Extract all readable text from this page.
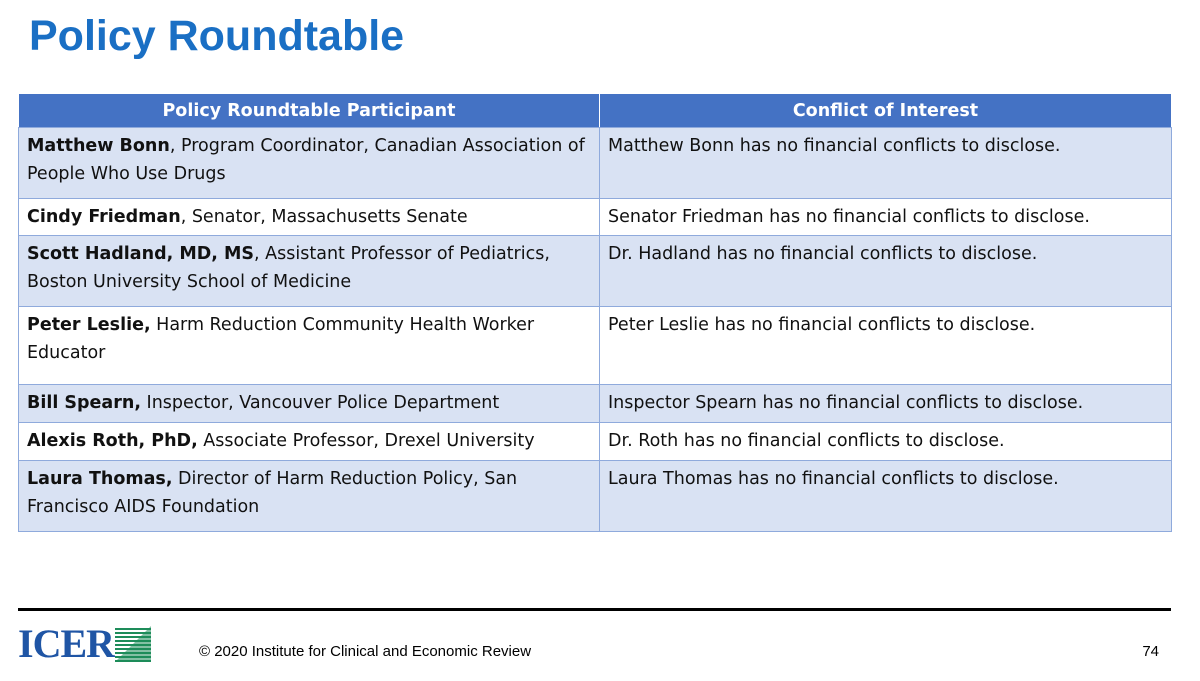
Policy Roundtable
Policy Roundtable Participant	Conflict of Interest
Matthew Bonn, Program Coordinator, Canadian Association of People Who Use Drugs	Matthew Bonn has no financial conflicts to disclose.
Cindy Friedman, Senator, Massachusetts Senate	Senator Friedman has no financial conflicts to disclose.
Scott Hadland, MD, MS, Assistant Professor of Pediatrics, Boston University School of Medicine	Dr. Hadland has no financial conflicts to disclose.
Peter Leslie, Harm Reduction Community Health Worker Educator	Peter Leslie has no financial conflicts to disclose.
Bill Spearn, Inspector, Vancouver Police Department	Inspector Spearn has no financial conflicts to disclose.
Alexis Roth, PhD, Associate Professor, Drexel University	Dr. Roth has no financial conflicts to disclose.
Laura Thomas, Director of Harm Reduction Policy, San Francisco AIDS Foundation	Laura Thomas has no financial conflicts to disclose.
ICER	© 2020 Institute for Clinical and Economic Review	74
